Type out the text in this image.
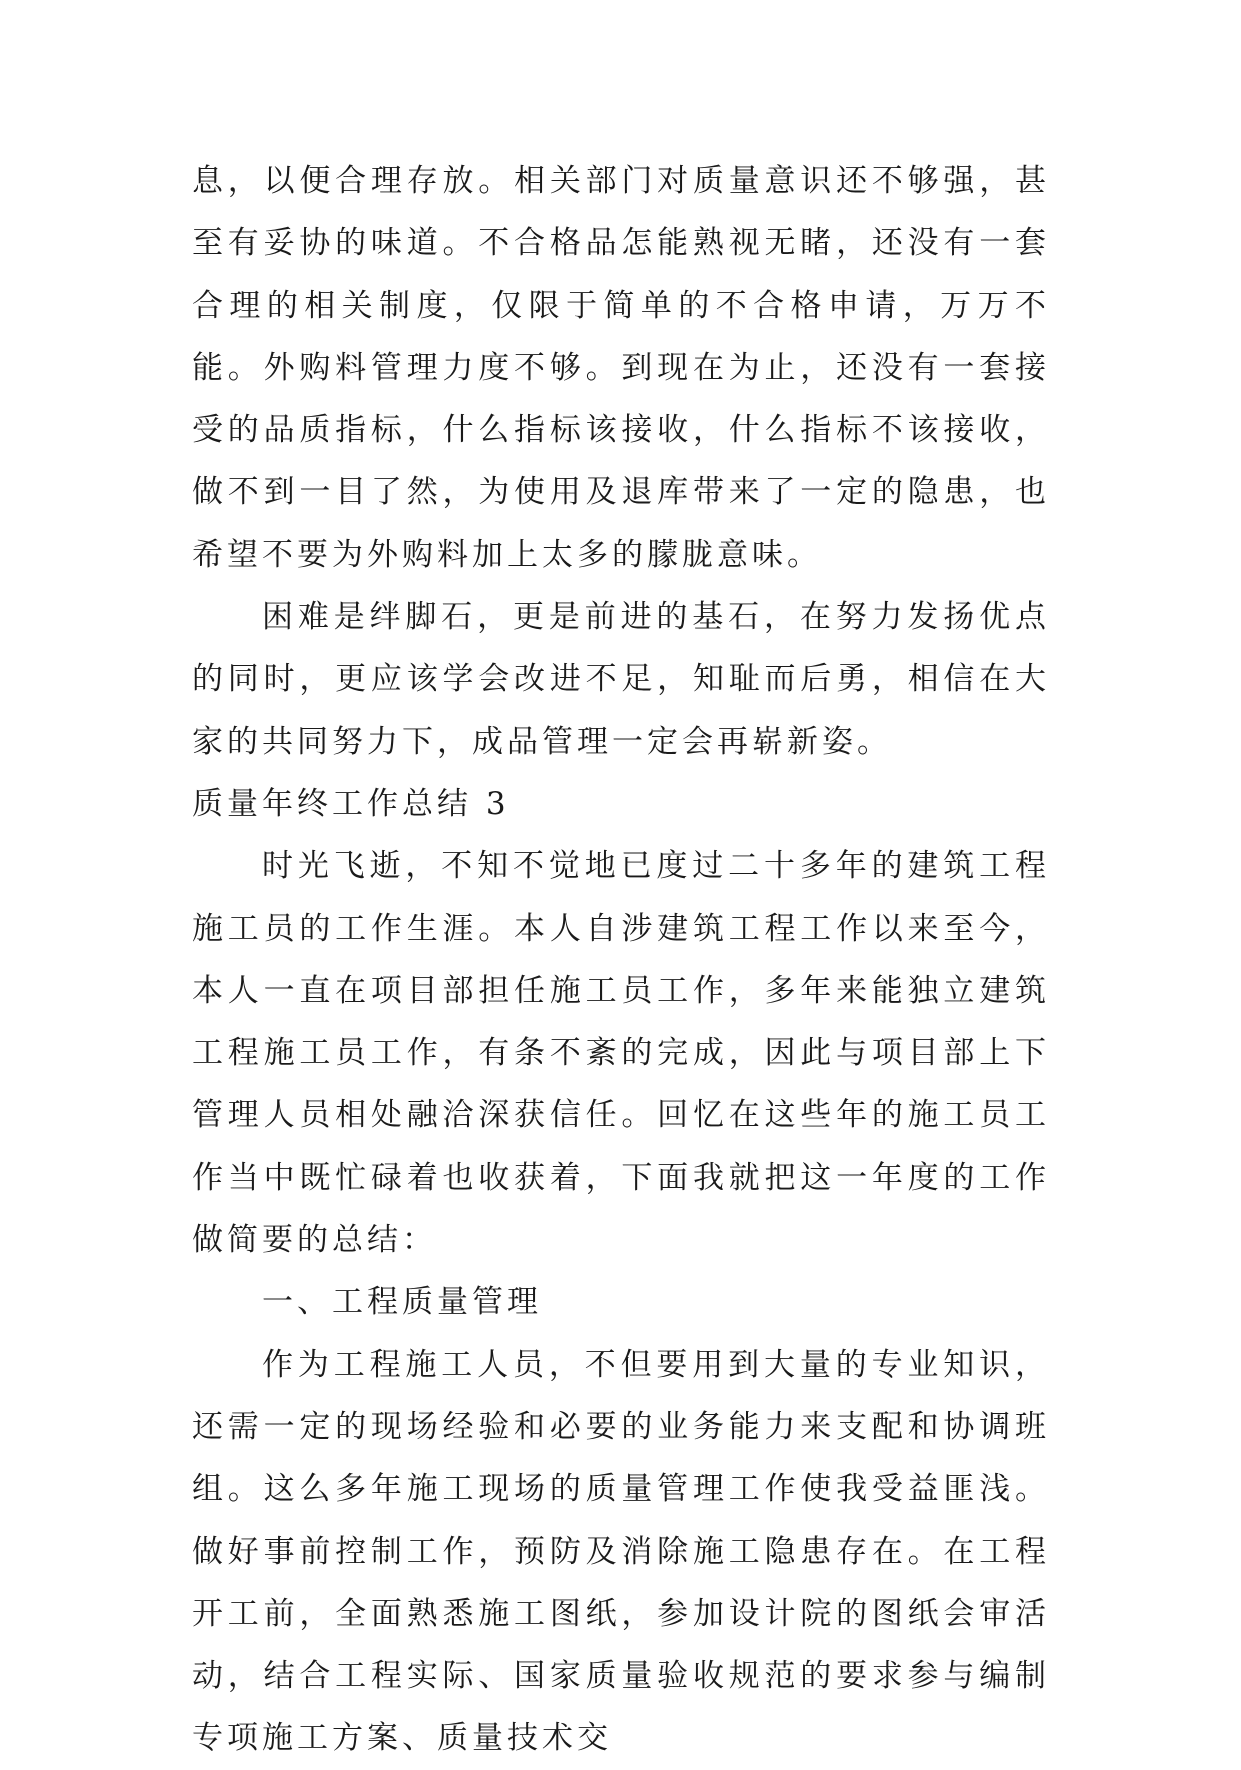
息，以便合理存放。相关部门对质量意识还不够强，甚至有妥协的味道。不合格品怎能熟视无睹，还没有一套合理的相关制度，仅限于简单的不合格申请，万万不能。外购料管理力度不够。到现在为止，还没有一套接受的品质指标，什么指标该接收，什么指标不该接收，做不到一目了然，为使用及退库带来了一定的隐患，也希望不要为外购料加上太多的朦胧意味。

困难是绊脚石，更是前进的基石，在努力发扬优点的同时，更应该学会改进不足，知耻而后勇，相信在大家的共同努力下，成品管理一定会再崭新姿。

质量年终工作总结 3

时光飞逝，不知不觉地已度过二十多年的建筑工程施工员的工作生涯。本人自涉建筑工程工作以来至今，本人一直在项目部担任施工员工作，多年来能独立建筑工程施工员工作，有条不紊的完成，因此与项目部上下管理人员相处融洽深获信任。回忆在这些年的施工员工作当中既忙碌着也收获着，下面我就把这一年度的工作做简要的总结：

一、工程质量管理

作为工程施工人员，不但要用到大量的专业知识，还需一定的现场经验和必要的业务能力来支配和协调班组。这么多年施工现场的质量管理工作使我受益匪浅。做好事前控制工作，预防及消除施工隐患存在。在工程开工前，全面熟悉施工图纸，参加设计院的图纸会审活动，结合工程实际、国家质量验收规范的要求参与编制专项施工方案、质量技术交
